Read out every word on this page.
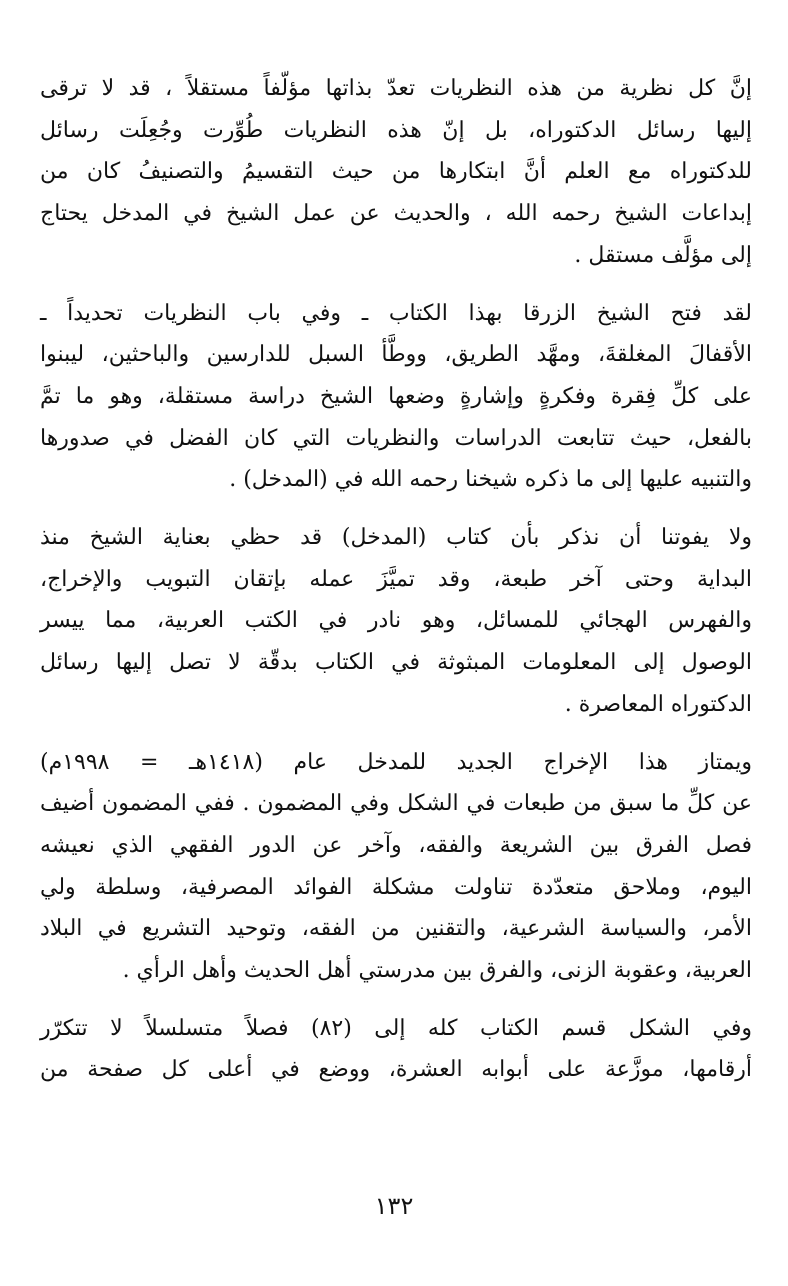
إنَّ كل نظرية من هذه النظريات تعدّ بذاتها مؤلّفاً مستقلاً ، قد لا ترقى
إليها رسائل الدكتوراه، بل إنّ هذه النظريات طُوِّرت وجُعِلَت رسائل
للدكتوراه مع العلم أنَّ ابتكارها من حيث التقسيمُ والتصنيفُ كان من
إبداعات الشيخ رحمه الله ، والحديث عن عمل الشيخ في المدخل يحتاج
إلى مؤلَّف مستقل .

لقد فتح الشيخ الزرقا بهذا الكتاب ـ وفي باب النظريات تحديداً ـ
الأقفالَ المغلقةَ، ومهَّد الطريق، ووطَّأ السبل للدارسين والباحثين، ليبنوا
على كلِّ فِقرة وفكرةٍ وإشارةٍ وضعها الشيخ دراسة مستقلة، وهو ما تمَّ
بالفعل، حيث تتابعت الدراسات والنظريات التي كان الفضل في صدورها
والتنبيه عليها إلى ما ذكره شيخنا رحمه الله في (المدخل) .

ولا يفوتنا أن نذكر بأن كتاب (المدخل) قد حظي بعناية الشيخ منذ
البداية وحتى آخر طبعة، وقد تميَّزَ عمله بإتقان التبويب والإخراج،
والفهرس الهجائي للمسائل، وهو نادر في الكتب العربية، مما ييسر
الوصول إلى المعلومات المبثوثة في الكتاب بدقّة لا تصل إليها رسائل
الدكتوراه المعاصرة .

ويمتاز هذا الإخراج الجديد للمدخل عام (١٤١٨هـ = ١٩٩٨م)
عن كلِّ ما سبق من طبعات في الشكل وفي المضمون . ففي المضمون أضيف
فصل الفرق بين الشريعة والفقه، وآخر عن الدور الفقهي الذي نعيشه
اليوم، وملاحق متعدّدة تناولت مشكلة الفوائد المصرفية، وسلطة ولي
الأمر، والسياسة الشرعية، والتقنين من الفقه، وتوحيد التشريع في البلاد
العربية، وعقوبة الزنى، والفرق بين مدرستي أهل الحديث وأهل الرأي .

وفي الشكل قسم الكتاب كله إلى (٨٢) فصلاً متسلسلاً لا تتكرّر
أرقامها، موزَّعة على أبوابه العشرة، ووضع في أعلى كل صفحة من

١٣٢
